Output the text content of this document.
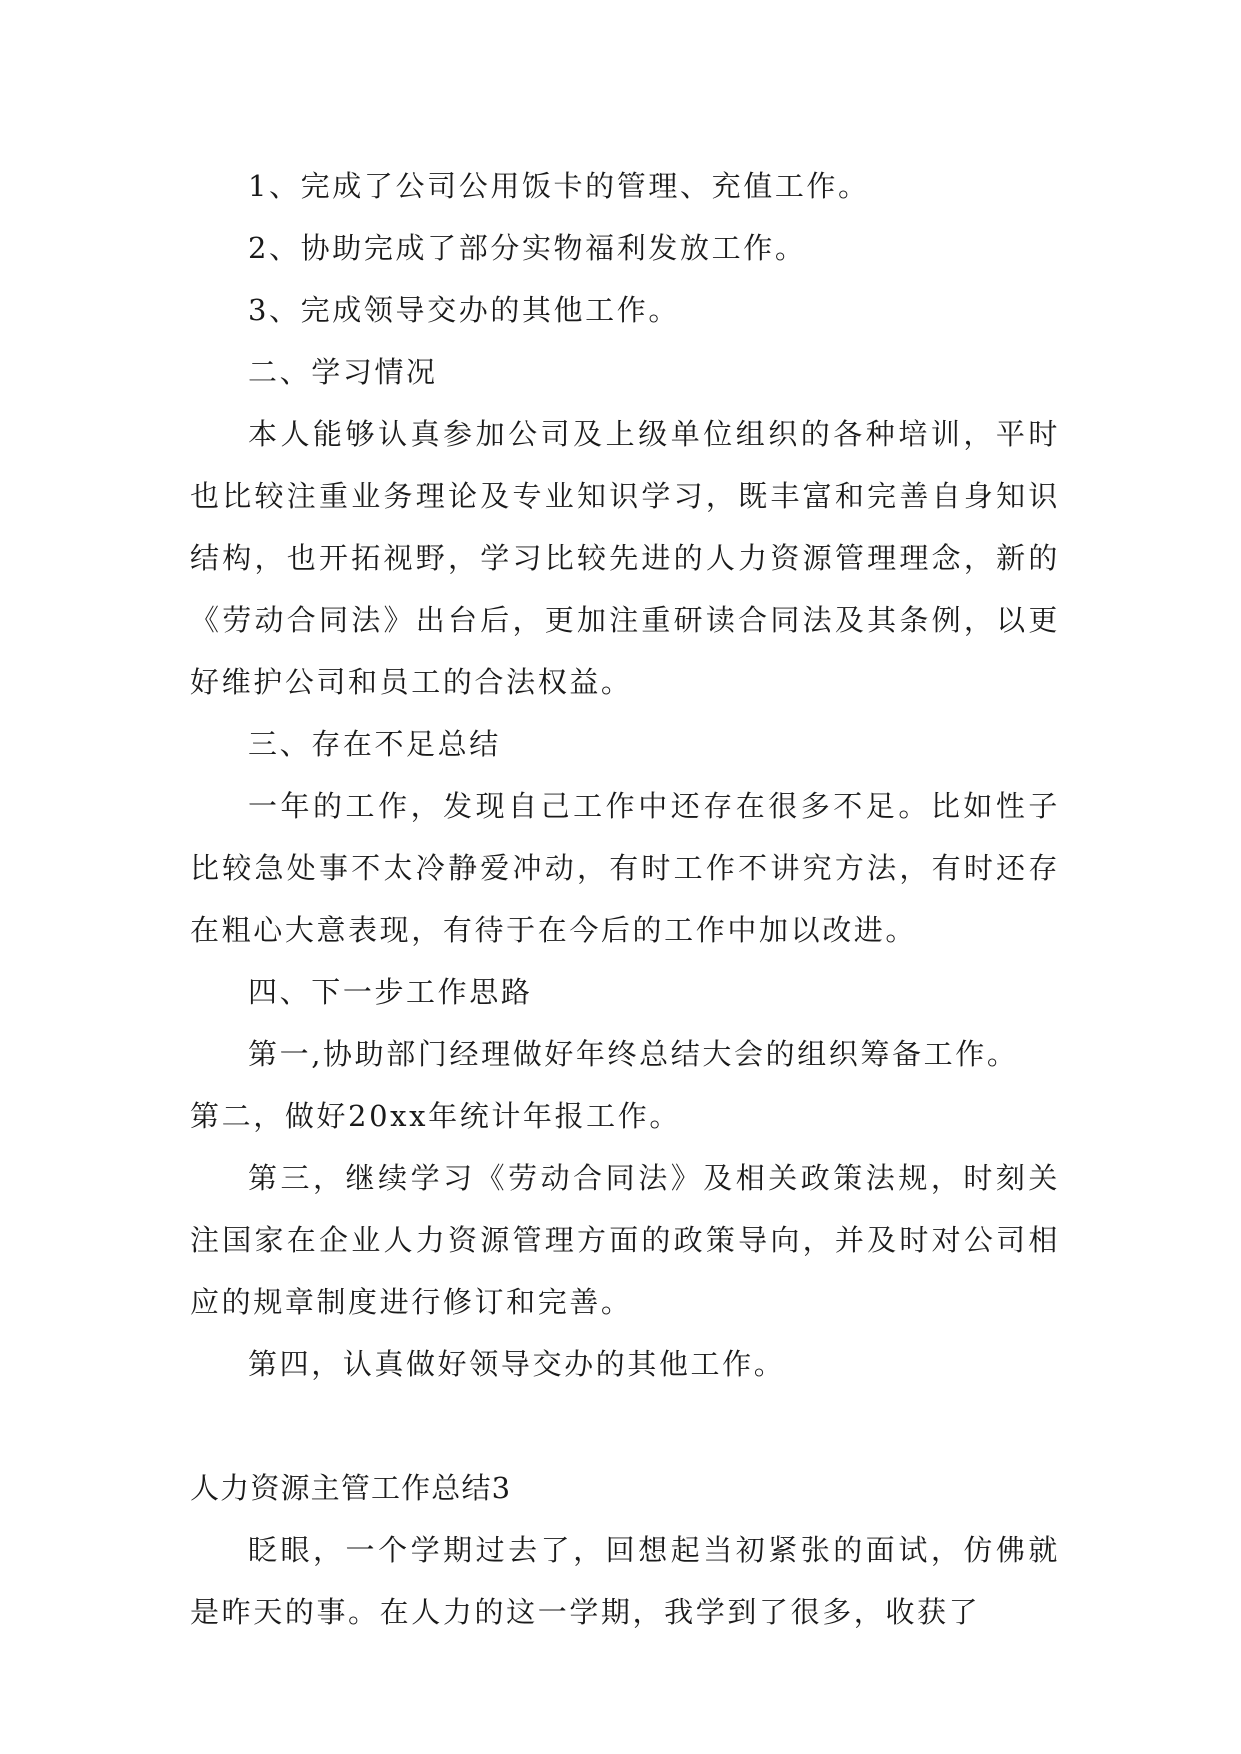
1、完成了公司公用饭卡的管理、充值工作。

2、协助完成了部分实物福利发放工作。

3、完成领导交办的其他工作。

二、学习情况

本人能够认真参加公司及上级单位组织的各种培训，平时也比较注重业务理论及专业知识学习，既丰富和完善自身知识结构，也开拓视野，学习比较先进的人力资源管理理念，新的《劳动合同法》出台后，更加注重研读合同法及其条例，以更好维护公司和员工的合法权益。

三、存在不足总结

一年的工作，发现自己工作中还存在很多不足。比如性子比较急处事不太冷静爱冲动，有时工作不讲究方法，有时还存在粗心大意表现，有待于在今后的工作中加以改进。

四、下一步工作思路

第一,协助部门经理做好年终总结大会的组织筹备工作。

第二，做好20xx年统计年报工作。

第三，继续学习《劳动合同法》及相关政策法规，时刻关注国家在企业人力资源管理方面的政策导向，并及时对公司相应的规章制度进行修订和完善。

第四，认真做好领导交办的其他工作。

人力资源主管工作总结3

眨眼，一个学期过去了，回想起当初紧张的面试，仿佛就是昨天的事。在人力的这一学期，我学到了很多，收获了
